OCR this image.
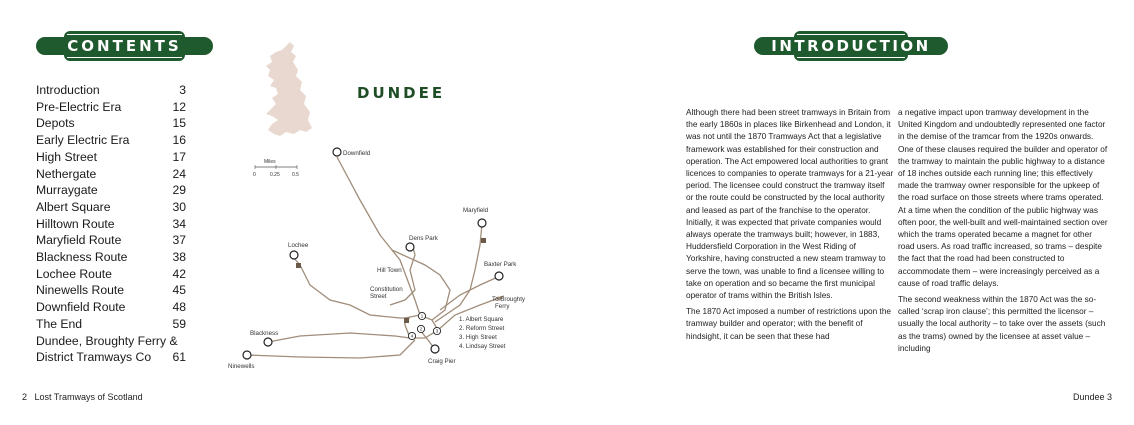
CONTENTS
Introduction	3
Pre-Electric Era	12
Depots	15
Early Electric Era	16
High Street	17
Nethergate	24
Murraygate	29
Albert Square	30
Hilltown Route	34
Maryfield Route	37
Blackness Route	38
Lochee Route	42
Ninewells Route	45
Downfield Route	48
The End	59
Dundee, Broughty Ferry &
District Tramways Co 61
2 Lost Tramways of Scotland
DUNDEE
Miles
0	0.25 0.5
1
2	3
4
Downfield
Maryfield
Dens Park
Lochee
Hill Town
Baxter Park
Constitution
Street	To Broughty
Ferry
Blackness
Ninewells
Craig Pier
1. Albert Square
2. Reform Street
3. High Street
4. Lindsay Street
INTRODUCTION

Although there had been street tramways in Britain from the early 1860s in places like Birkenhead and London, it was not until the 1870 Tramways Act that a legislative framework was established for their construction and operation. The Act empowered local authorities to grant licences to companies to operate tramways for a 21-year period. The licensee could construct the tramway itself or the route could be constructed by the local authority and leased as part of the franchise to the operator. Initially, it was expected that private companies would always operate the tramways built; however, in 1883, Huddersfield Corporation in the West Riding of Yorkshire, having constructed a new steam tramway to serve the town, was unable to find a licensee willing to take on operation and so became the first municipal operator of trams within the British Isles.

The 1870 Act imposed a number of restrictions upon the tramway builder and operator; with the benefit of hindsight, it can be seen that these had

a negative impact upon tramway development in the United Kingdom and undoubtedly represented one factor in the demise of the tramcar from the 1920s onwards. One of these clauses required the builder and operator of the tramway to maintain the public highway to a distance of 18 inches outside each running line; this effectively made the tramway owner responsible for the upkeep of the road surface on those streets where trams operated. At a time when the condition of the public highway was often poor, the well-built and well-maintained section over which the trams operated became a magnet for other road users. As road traffic increased, so trams – despite the fact that the road had been constructed to accommodate them – were increasingly perceived as a cause of road traffic delays.

The second weakness within the 1870 Act was the so-called ‘scrap iron clause’; this permitted the licensor – usually the local authority – to take over the assets (such as the trams) owned by the licensee at asset value – including

Dundee 3
